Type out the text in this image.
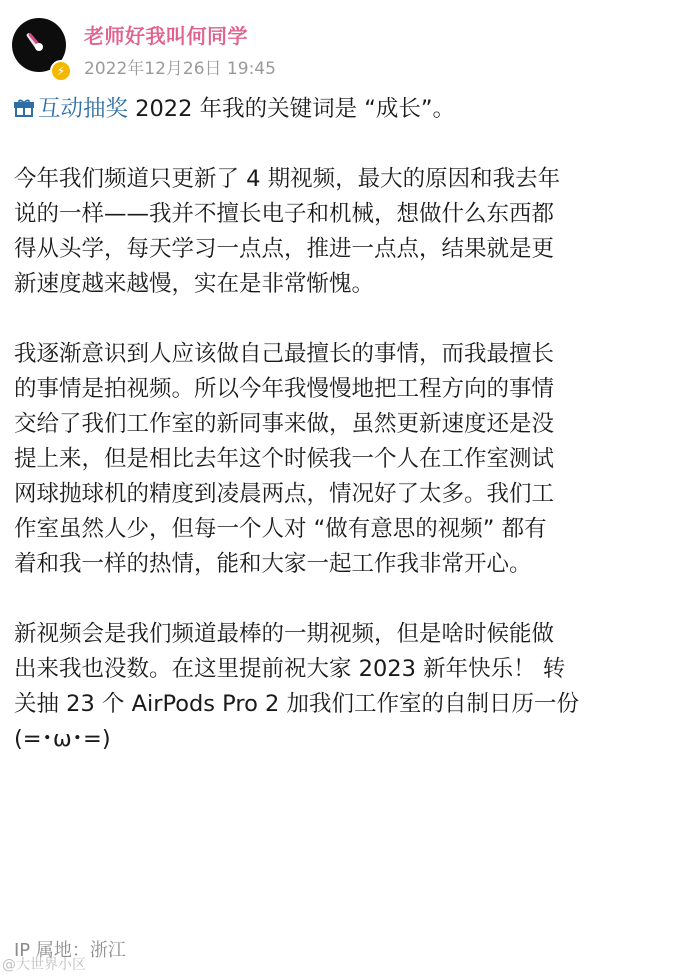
⚡
老师好我叫何同学
2022年12月26日 19:45
互动抽奖 2022 年我的关键词是 “成长”。
今年我们频道只更新了 4 期视频，最大的原因和我去年
说的一样——我并不擅长电子和机械，想做什么东西都
得从头学，每天学习一点点，推进一点点，结果就是更
新速度越来越慢，实在是非常惭愧。
我逐渐意识到人应该做自己最擅长的事情，而我最擅长
的事情是拍视频。所以今年我慢慢地把工程方向的事情
交给了我们工作室的新同事来做，虽然更新速度还是没
提上来，但是相比去年这个时候我一个人在工作室测试
网球抛球机的精度到凌晨两点，情况好了太多。我们工
作室虽然人少，但每一个人对 “做有意思的视频” 都有
着和我一样的热情，能和大家一起工作我非常开心。
新视频会是我们频道最棒的一期视频，但是啥时候能做
出来我也没数。在这里提前祝大家 2023 新年快乐！ 转
关抽 23 个 AirPods Pro 2 加我们工作室的自制日历一份
(=･ω･=)
IP 属地：浙江
@大世界小区
